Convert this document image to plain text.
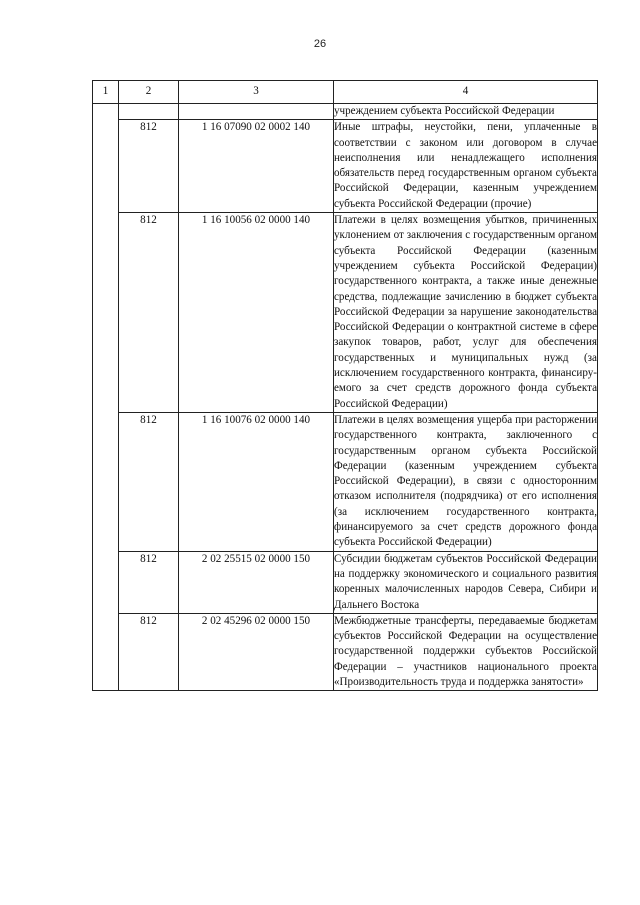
26
1	2	3	4
			учреждением субъекта Российской Федерации
	812	1 16 07090 02 0002 140	Иные штрафы, неустойки, пени, уплаченные в соответствии с законом или договором в случае неисполнения или ненадлежащего исполнения обязательств перед государственным органом субъекта Российской Федерации, казенным учреждением субъекта Российской Федерации (прочие)
	812	1 16 10056 02 0000 140	Платежи в целях возмещения убытков, причиненных уклонением от заключения с государственным органом субъекта Российской Федерации (казенным учреждением субъекта Российской Федерации) государственного контракта, а также иные денежные средства, подлежащие зачислению в бюджет субъекта Российской Федерации за нарушение законодательства Российской Федерации о контрактной системе в сфере закупок товаров, работ, услуг для обеспечения государственных и муниципальных нужд (за исключением государственного контракта, финансируемого за счет средств дорожного фонда субъекта Российской Федерации)
	812	1 16 10076 02 0000 140	Платежи в целях возмещения ущерба при расторжении государственного контракта, заключенного с государственным органом субъекта Российской Федерации (казенным учреждением субъекта Российской Федерации), в связи с односторонним отказом исполнителя (подрядчика) от его исполнения (за исключением государственного контракта, финансируемого за счет средств дорожного фонда субъекта Российской Федерации)
	812	2 02 25515 02 0000 150	Субсидии бюджетам субъектов Российской Федерации на поддержку экономического и социального развития коренных малочисленных народов Севера, Сибири и Дальнего Востока
	812	2 02 45296 02 0000 150	Межбюджетные трансферты, передаваемые бюджетам субъектов Российской Федерации на осуществление государственной поддержки субъектов Российской Федерации – участников национального проекта «Производительность труда и поддержка занятости»
